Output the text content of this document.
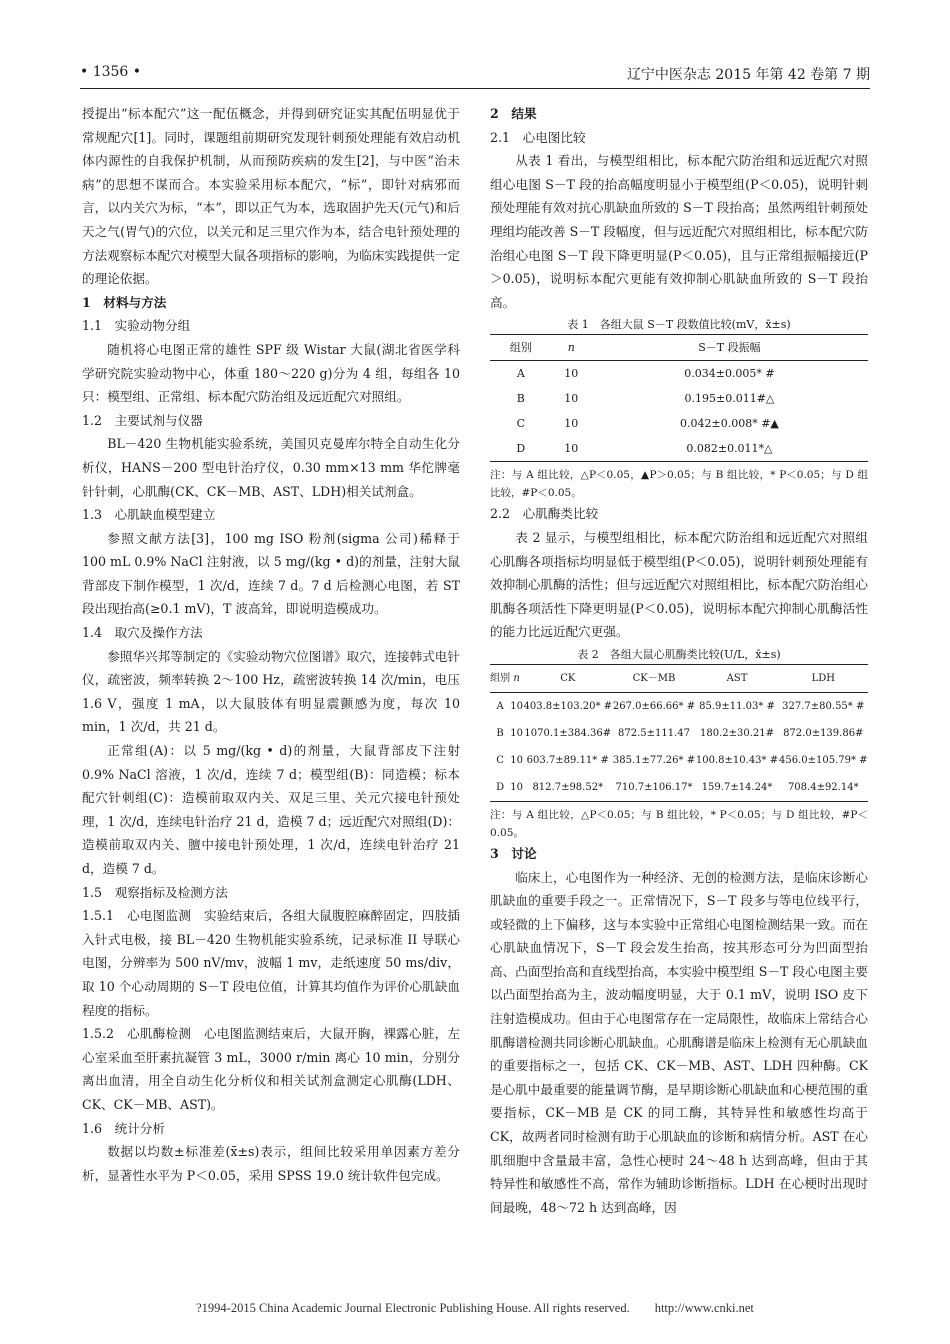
• 1356 •	辽宁中医杂志 2015 年第 42 卷第 7 期

授提出“标本配穴”这一配伍概念，并得到研究证实其配伍明显优于常规配穴[1]。同时，课题组前期研究发现针刺预处理能有效启动机体内源性的自我保护机制，从而预防疾病的发生[2]，与中医“治未病”的思想不谋而合。本实验采用标本配穴，“标”，即针对病邪而言，以内关穴为标，“本”，即以正气为本，选取固护先天(元气)和后天之气(胃气)的穴位，以关元和足三里穴作为本，结合电针预处理的方法观察标本配穴对模型大鼠各项指标的影响，为临床实践提供一定的理论依据。

1　材料与方法

1.1　实验动物分组

随机将心电图正常的雄性 SPF 级 Wistar 大鼠(湖北省医学科学研究院实验动物中心，体重 180～220 g)分为 4 组，每组各 10 只：模型组、正常组、标本配穴防治组及远近配穴对照组。

1.2　主要试剂与仪器

BL－420 生物机能实验系统，美国贝克曼库尔特全自动生化分析仪，HANS－200 型电针治疗仪，0.30 mm×13 mm 华佗牌毫针针刺，心肌酶(CK、CK－MB、AST、LDH)相关试剂盒。

1.3　心肌缺血模型建立

参照文献方法[3]，100 mg ISO 粉剂(sigma 公司)稀释于 100 mL 0.9% NaCl 注射液，以 5 mg/(kg • d)的剂量，注射大鼠背部皮下制作模型，1 次/d，连续 7 d。7 d 后检测心电图，若 ST 段出现抬高(≥0.1 mV)，T 波高耸，即说明造模成功。

1.4　取穴及操作方法

参照华兴邦等制定的《实验动物穴位图谱》取穴，连接韩式电针仪，疏密波，频率转换 2～100 Hz，疏密波转换 14 次/min，电压 1.6 V，强度 1 mA，以大鼠肢体有明显震颤感为度，每次 10 min，1 次/d，共 21 d。

正常组(A)：以 5 mg/(kg • d)的剂量，大鼠背部皮下注射 0.9% NaCl 溶液，1 次/d，连续 7 d；模型组(B)：同造模；标本配穴针刺组(C)：造模前取双内关、双足三里、关元穴接电针预处理，1 次/d，连续电针治疗 21 d，造模 7 d；远近配穴对照组(D)：造模前取双内关、膻中接电针预处理，1 次/d，连续电针治疗 21 d，造模 7 d。

1.5　观察指标及检测方法

1.5.1　心电图监测　实验结束后，各组大鼠腹腔麻醉固定，四肢插入针式电极，接 BL－420 生物机能实验系统，记录标准 II 导联心电图，分辨率为 500 nV/mv，波幅 1 mv，走纸速度 50 ms/div，取 10 个心动周期的 S－T 段电位值，计算其均值作为评价心肌缺血程度的指标。

1.5.2　心肌酶检测　心电图监测结束后，大鼠开胸，裸露心脏，左心室采血至肝素抗凝管 3 mL，3000 r/min 离心 10 min，分别分离出血清，用全自动生化分析仪和相关试剂盒测定心肌酶(LDH、CK、CK－MB、AST)。

1.6　统计分析

数据以均数±标准差(x̄±s)表示，组间比较采用单因素方差分析，显著性水平为 P＜0.05，采用 SPSS 19.0 统计软件包完成。

2　结果

2.1　心电图比较

从表 1 看出，与模型组相比，标本配穴防治组和远近配穴对照组心电图 S－T 段的抬高幅度明显小于模型组(P＜0.05)，说明针刺预处理能有效对抗心肌缺血所致的 S－T 段抬高；虽然两组针刺预处理组均能改善 S－T 段幅度，但与远近配穴对照组相比，标本配穴防治组心电图 S－T 段下降更明显(P＜0.05)，且与正常组振幅接近(P＞0.05)，说明标本配穴更能有效抑制心肌缺血所致的 S－T 段抬高。

表 1　各组大鼠 S－T 段数值比较(mV，x̄±s)
组别	n	S－T 段振幅
A	10	0.034±0.005* #
B	10	0.195±0.011#△
C	10	0.042±0.008* #▲
D	10	0.082±0.011*△
注：与 A 组比较，△P＜0.05，▲P＞0.05；与 B 组比较，* P＜0.05；与 D 组比较，#P＜0.05。

2.2　心肌酶类比较

表 2 显示，与模型组相比，标本配穴防治组和远近配穴对照组心肌酶各项指标均明显低于模型组(P＜0.05)，说明针刺预处理能有效抑制心肌酶的活性；但与远近配穴对照组相比，标本配穴防治组心肌酶各项活性下降更明显(P＜0.05)，说明标本配穴抑制心肌酶活性的能力比远近配穴更强。

表 2　各组大鼠心肌酶类比较(U/L，x̄±s)
组别	n	CK	CK－MB	AST	LDH
A	10	403.8±103.20* #	267.0±66.66* #	85.9±11.03* #	327.7±80.55* #
B	10	1070.1±384.36#	872.5±111.47	180.2±30.21#	872.0±139.86#
C	10	603.7±89.11* #	385.1±77.26* #	100.8±10.43* #	456.0±105.79* #
D	10	812.7±98.52*	710.7±106.17*	159.7±14.24*	708.4±92.14*
注：与 A 组比较，△P＜0.05；与 B 组比较，* P＜0.05；与 D 组比较，#P＜0.05。

3　讨论

临床上，心电图作为一种经济、无创的检测方法，是临床诊断心肌缺血的重要手段之一。正常情况下，S－T 段多与等电位线平行，或轻微的上下偏移，这与本实验中正常组心电图检测结果一致。而在心肌缺血情况下，S－T 段会发生抬高，按其形态可分为凹面型抬高、凸面型抬高和直线型抬高，本实验中模型组 S－T 段心电图主要以凸面型抬高为主，波动幅度明显，大于 0.1 mV，说明 ISO 皮下注射造模成功。但由于心电图常存在一定局限性，故临床上常结合心肌酶谱检测共同诊断心肌缺血。心肌酶谱是临床上检测有无心肌缺血的重要指标之一，包括 CK、CK－MB、AST、LDH 四种酶。CK 是心肌中最重要的能量调节酶，是早期诊断心肌缺血和心梗范围的重要指标，CK－MB 是 CK 的同工酶，其特异性和敏感性均高于 CK，故两者同时检测有助于心肌缺血的诊断和病情分析。AST 在心肌细胞中含量最丰富，急性心梗时 24～48 h 达到高峰，但由于其特异性和敏感性不高，常作为辅助诊断指标。LDH 在心梗时出现时间最晚，48～72 h 达到高峰，因

?1994-2015 China Academic Journal Electronic Publishing House. All rights reserved.　　http://www.cnki.net
